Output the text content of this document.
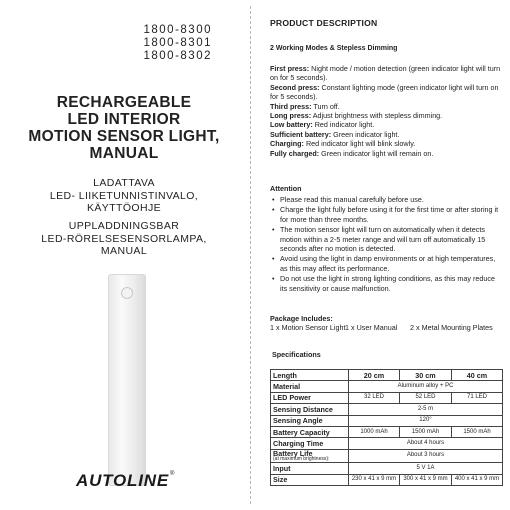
1800-8300
1800-8301
1800-8302
RECHARGEABLE
LED INTERIOR
MOTION SENSOR LIGHT,
MANUAL
LADATTAVA
LED- LIIKETUNNISTINVALO,
KÄYTTÖOHJE
UPPLADDNINGSBAR
LED-RÖRELSESENSORLAMPA,
MANUAL
AUTOLINE®
PRODUCT DESCRIPTION
2 Working Modes & Stepless Dimming

First press: Night mode / motion detection (green indicator light will turn on for 5 seconds).

Second press: Constant lighting mode (green indicator light will turn on for 5 seconds).

Third press: Turn off.

Long press: Adjust brightness with stepless dimming.

Low battery: Red indicator light.

Sufficient battery: Green indicator light.

Charging: Red indicator light will blink slowly.

Fully charged: Green indicator light will remain on.

Attention
• Please read this manual carefully before use.
• Charge the light fully before using it for the first time or after storing it for more than three months.
• The motion sensor light will turn on automatically when it detects motion within a 2-5 meter range and will turn off automatically 15 seconds after no motion is detected.
• Avoid using the light in damp environments or at high temperatures, as this may affect its performance.
• Do not use the light in strong lighting conditions, as this may reduce its sensitivity or cause malfunction.
Package Includes:
1 x Motion Sensor Light 1 x User Manual 2 x Metal Mounting Plates
Specifications
Length	20 cm	30 cm	40 cm
Material	Aluminum alloy + PC		
LED Power	32 LED	52 LED	71 LED
Sensing Distance	2-5 m		
Sensing Angle	120°		
Battery Capacity	1000 mAh	1500 mAh	1500 mAh
Charging Time	About 4 hours		
Battery Life
(at maximum brightness):	About 3 hours		
Input	5 V 1A		
Size	230 x 41 x 9 mm	300 x 41 x 9 mm	400 x 41 x 9 mm
